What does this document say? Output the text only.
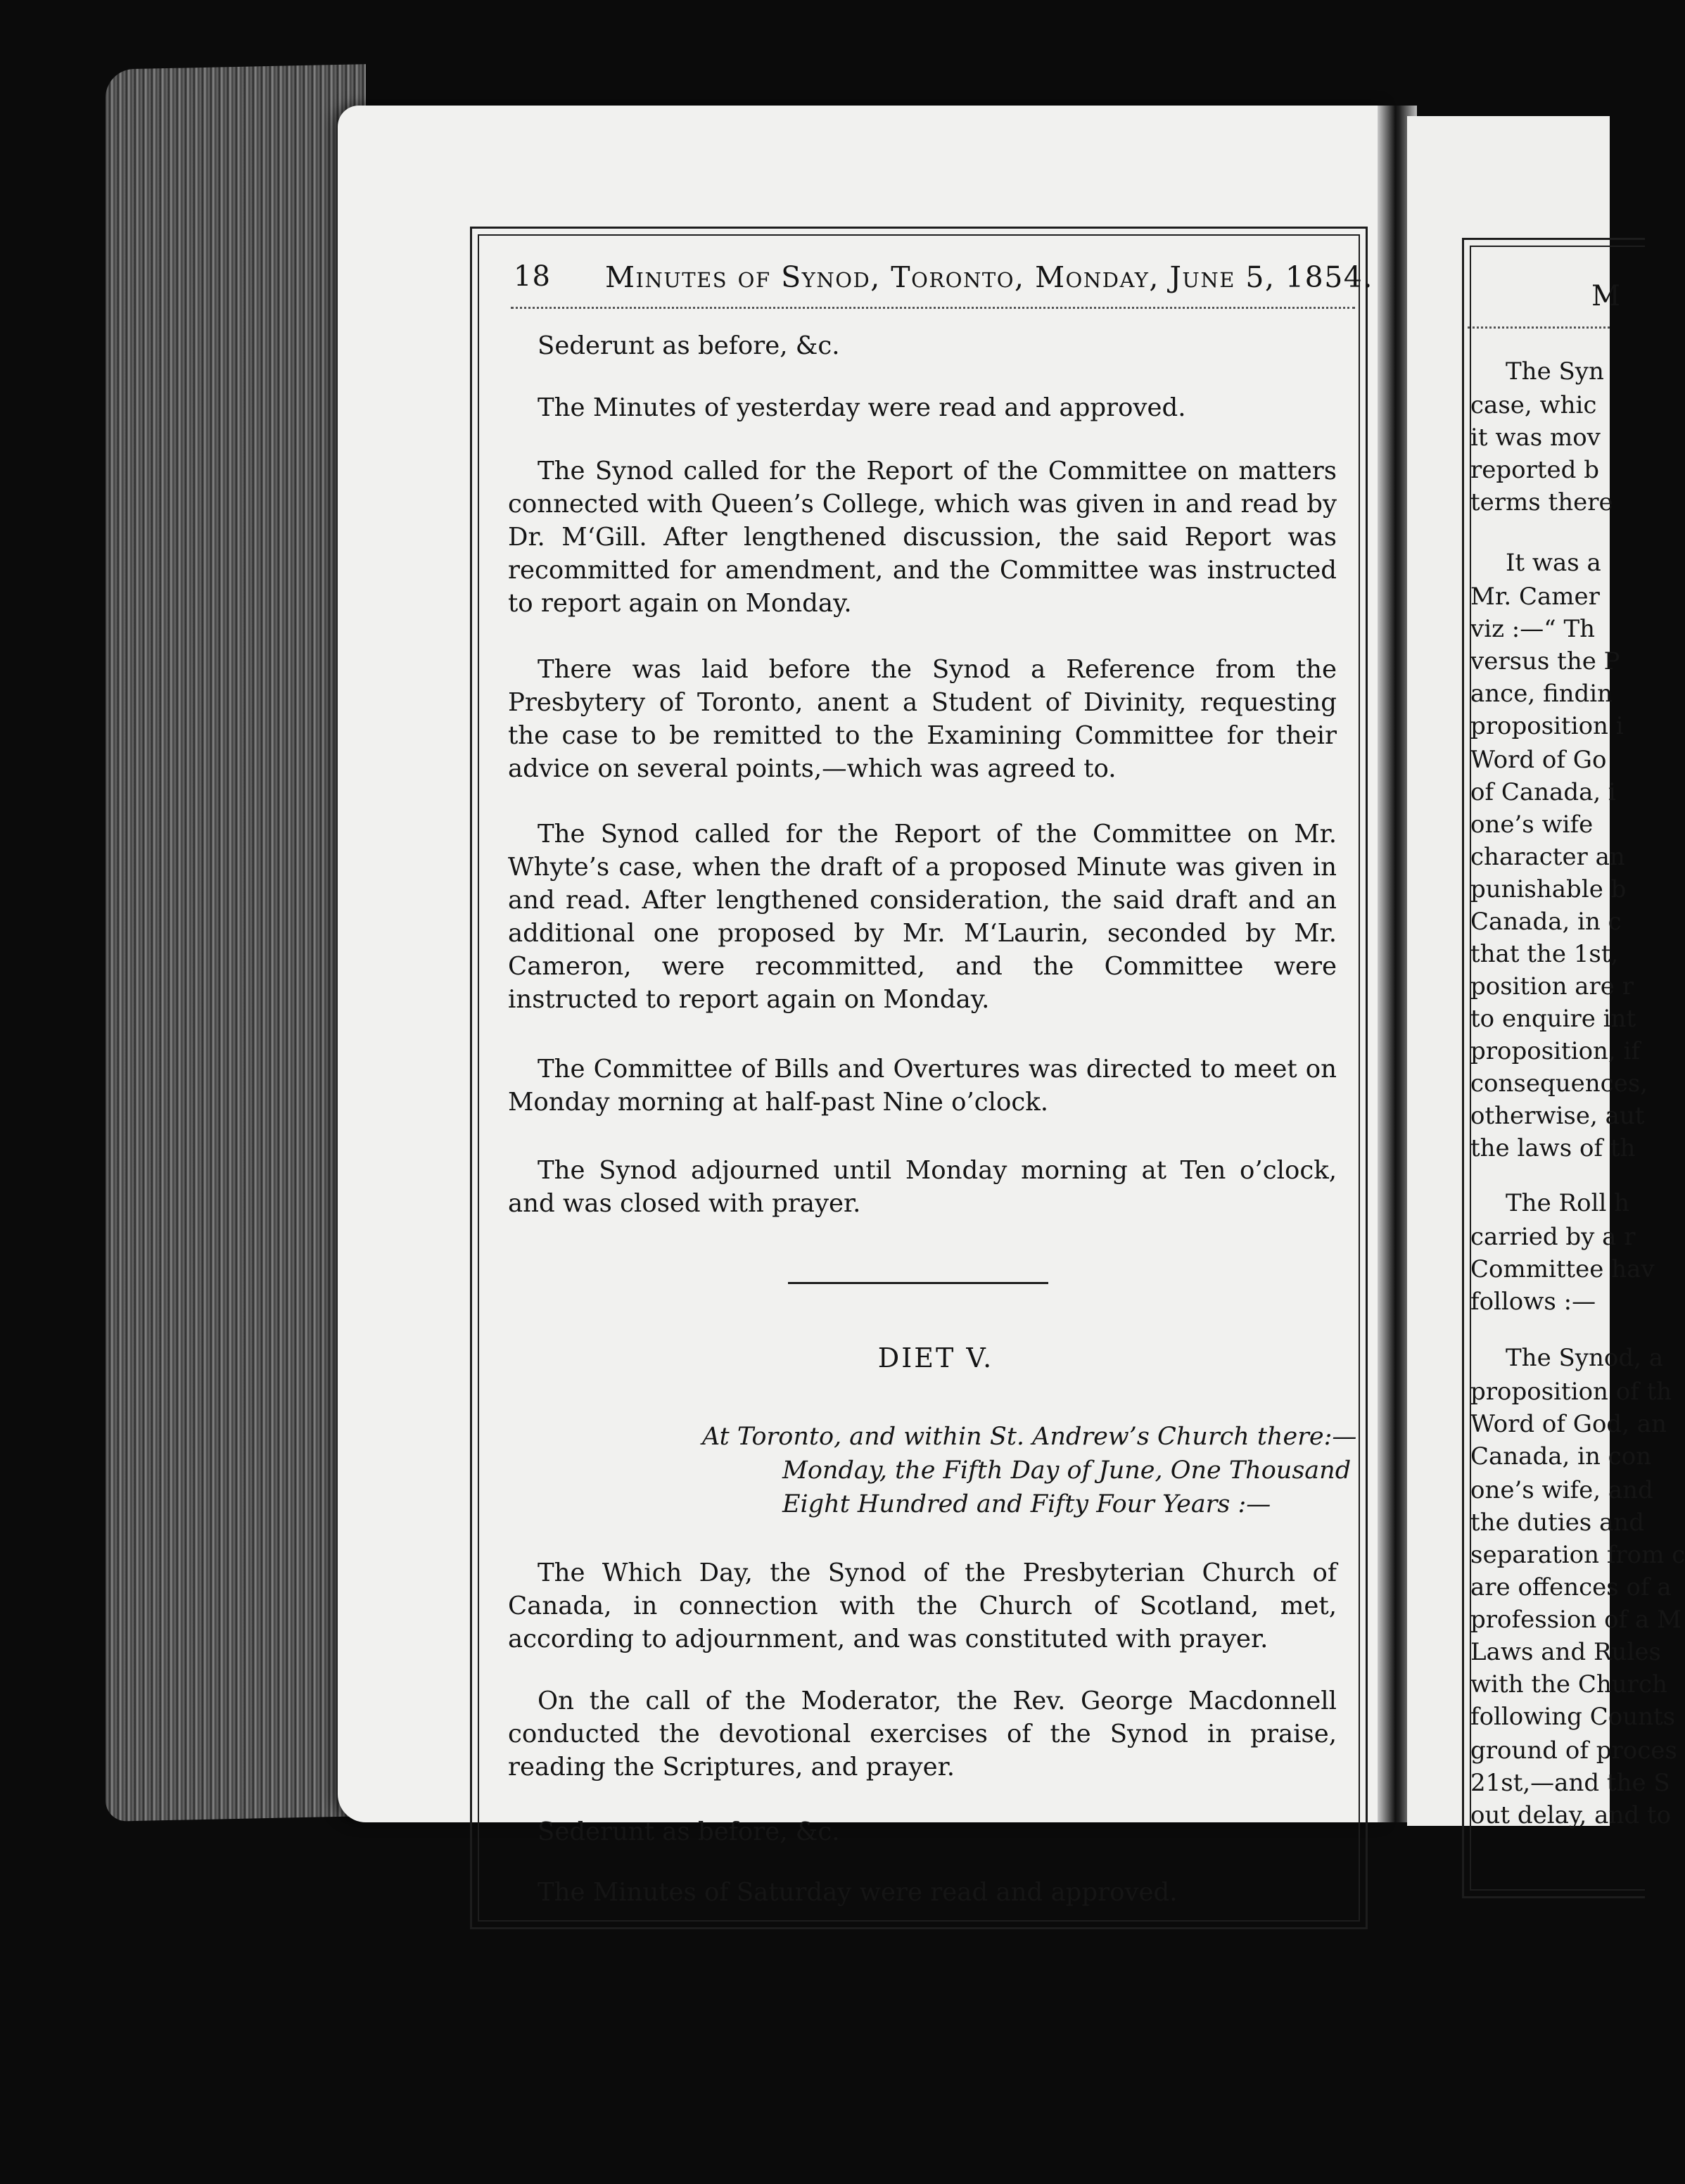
18 Minutes of Synod, Toronto, Monday, June 5, 1854.
Sederunt as before, &c.
The Minutes of yesterday were read and approved.
The Synod called for the Report of the Committee on matters connected with Queen’s College, which was given in and read by Dr. M‘Gill. After lengthened discussion, the said Report was recommitted for amendment, and the Committee was instructed to report again on Monday.
There was laid before the Synod a Reference from the Presbytery of Toronto, anent a Student of Divinity, requesting the case to be remitted to the Examining Committee for their advice on several points,—which was agreed to.
The Synod called for the Report of the Committee on Mr. Whyte’s case, when the draft of a proposed Minute was given in and read. After lengthened consideration, the said draft and an additional one proposed by Mr. M‘Laurin, seconded by Mr. Cameron, were recommitted, and the Committee were instructed to report again on Monday.
The Committee of Bills and Overtures was directed to meet on Monday morning at half-past Nine o’clock.
The Synod adjourned until Monday morning at Ten o’clock, and was closed with prayer.
DIET V.
At Toronto, and within St. Andrew’s Church there:—
Monday, the Fifth Day of June, One Thousand
Eight Hundred and Fifty Four Years :—
The Which Day, the Synod of the Presbyterian Church of Canada, in connection with the Church of Scotland, met, according to adjournment, and was constituted with prayer.
On the call of the Moderator, the Rev. George Macdonnell conducted the devotional exercises of the Synod in praise, reading the Scriptures, and prayer.
Sederunt as before, &c.
The Minutes of Saturday were read and approved.
M
The Syn
case, whic
it was mov
reported b
terms there
It was a
Mr. Camer
viz :—“ Th
versus the P
ance, findin
proposition i
Word of Go
of Canada, i
one’s wife
character an
punishable b
Canada, in c
that the 1st,
position are r
to enquire int
proposition, if
consequences,
otherwise, aut
the laws of th
The Roll h
carried by a r
Committee hav
follows :—
The Synod, a
proposition of th
Word of God, an
Canada, in con
one’s wife, and
the duties and
separation from c
are offences of a
profession of a M
Laws and Rules
with the Church
following Counts
ground of proces
21st,—and the S
out delay, and to
